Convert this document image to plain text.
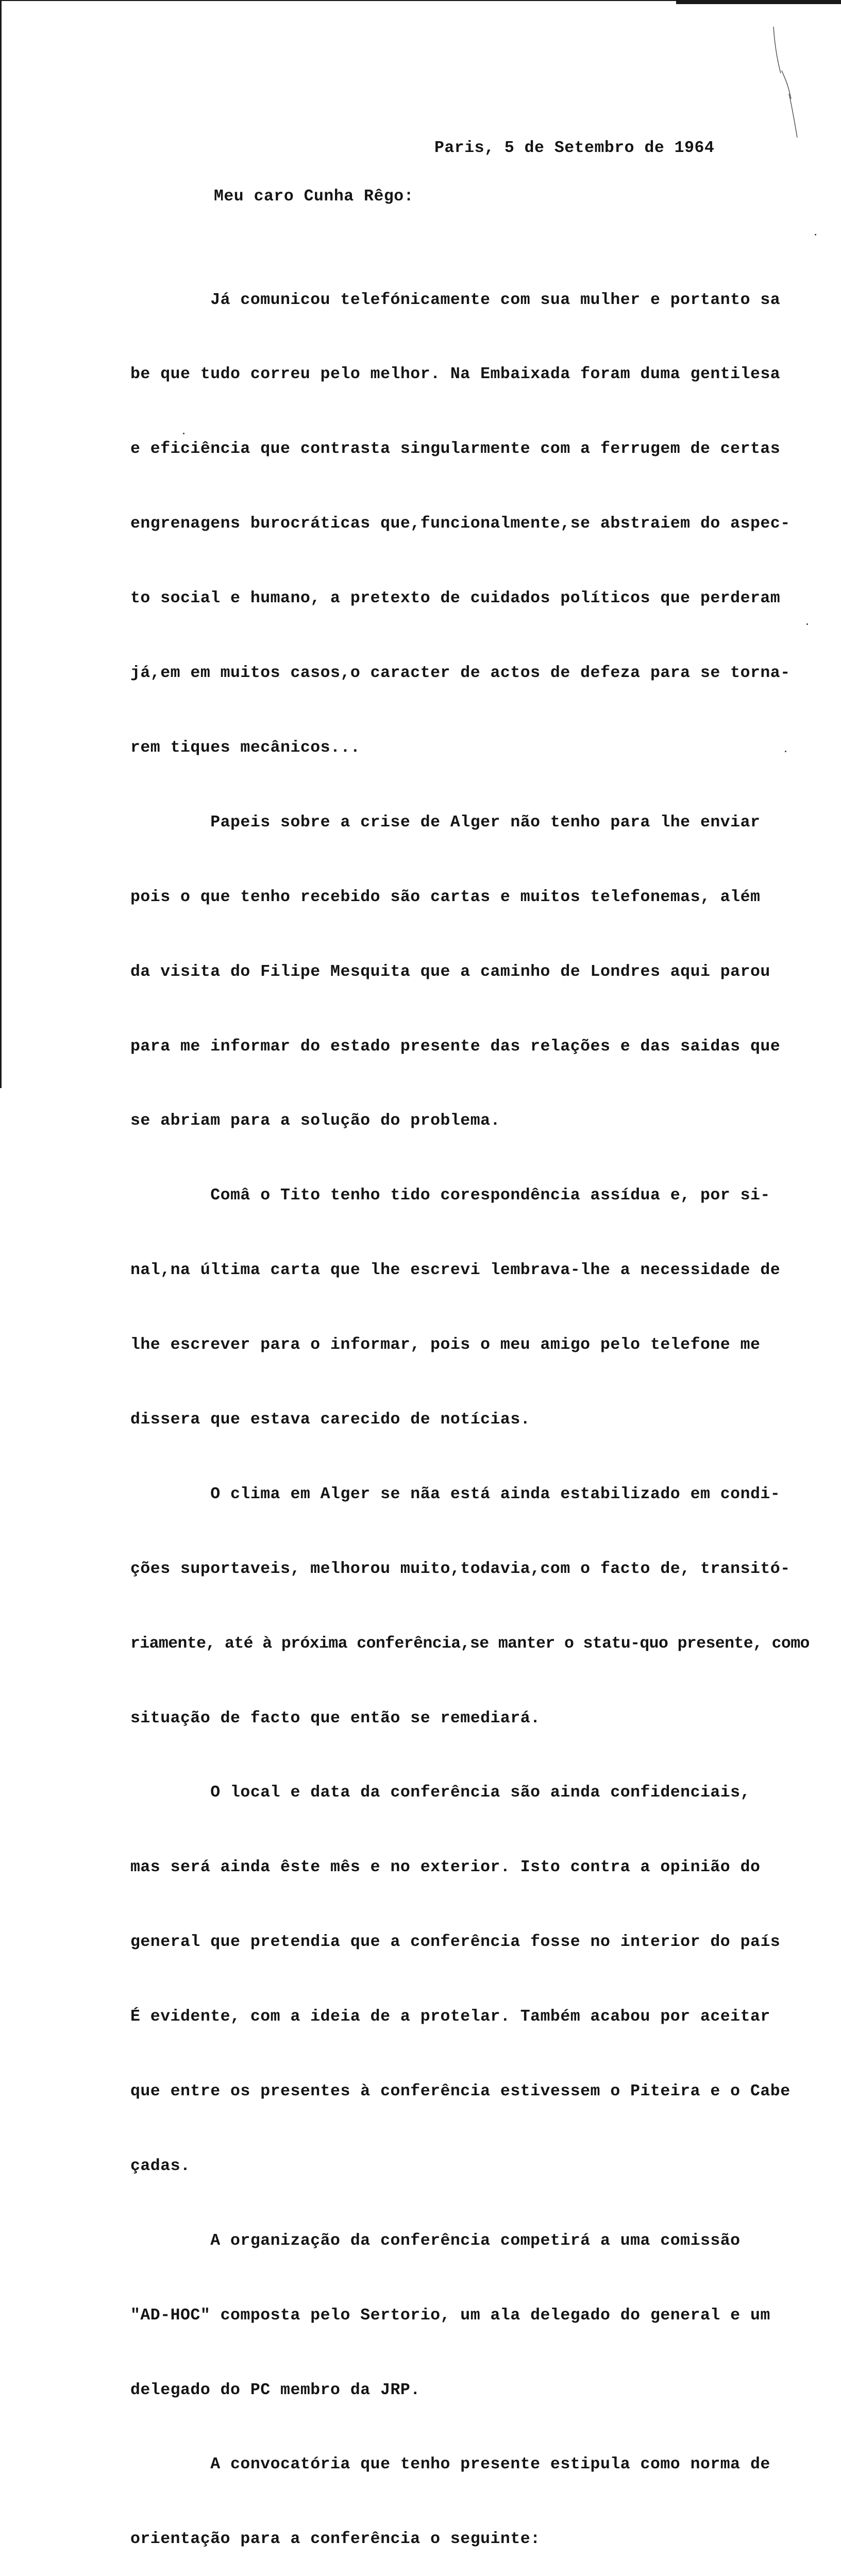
Paris, 5 de Setembro de 1964

Meu caro Cunha Rêgo:

Já comunicou telefónicamente com sua mulher e portanto sa

be que tudo correu pelo melhor. Na Embaixada foram duma gentilesa

e eficiência que contrasta singularmente com a ferrugem de certas

engrenagens burocráticas que,funcionalmente,se abstraiem do aspec-

to social e humano, a pretexto de cuidados políticos que perderam

já,em em muitos casos,o caracter de actos de defeza para se torna-

rem tiques mecânicos...

Papeis sobre a crise de Alger não tenho para lhe enviar

pois o que tenho recebido são cartas e muitos telefonemas, além

da visita do Filipe Mesquita que a caminho de Londres aqui parou

para me informar do estado presente das relações e das saidas que

se abriam para a solução do problema.

Comâ o Tito tenho tido corespondência assídua e, por si-

nal,na última carta que lhe escrevi lembrava-lhe a necessidade de

lhe escrever para o informar, pois o meu amigo pelo telefone me

dissera que estava carecido de notícias.

O clima em Alger se nãa está ainda estabilizado em condi-

ções suportaveis, melhorou muito,todavia,com o facto de, transitó-

riamente, até à próxima conferência,se manter o statu-quo presente, como

situação de facto que então se remediará.

O local e data da conferência são ainda confidenciais,

mas será ainda êste mês e no exterior. Isto contra a opinião do

general que pretendia que a conferência fosse no interior do país

É evidente, com a ideia de a protelar. Também acabou por aceitar

que entre os presentes à conferência estivessem o Piteira e o Cabe

çadas.

A organização da conferência competirá a uma comissão

"AD-HOC" composta pelo Sertorio, um ala delegado do general e um

delegado do PC membro da JRP.

A convocatória que tenho presente estipula como norma de

orientação para a conferência o seguinte:
